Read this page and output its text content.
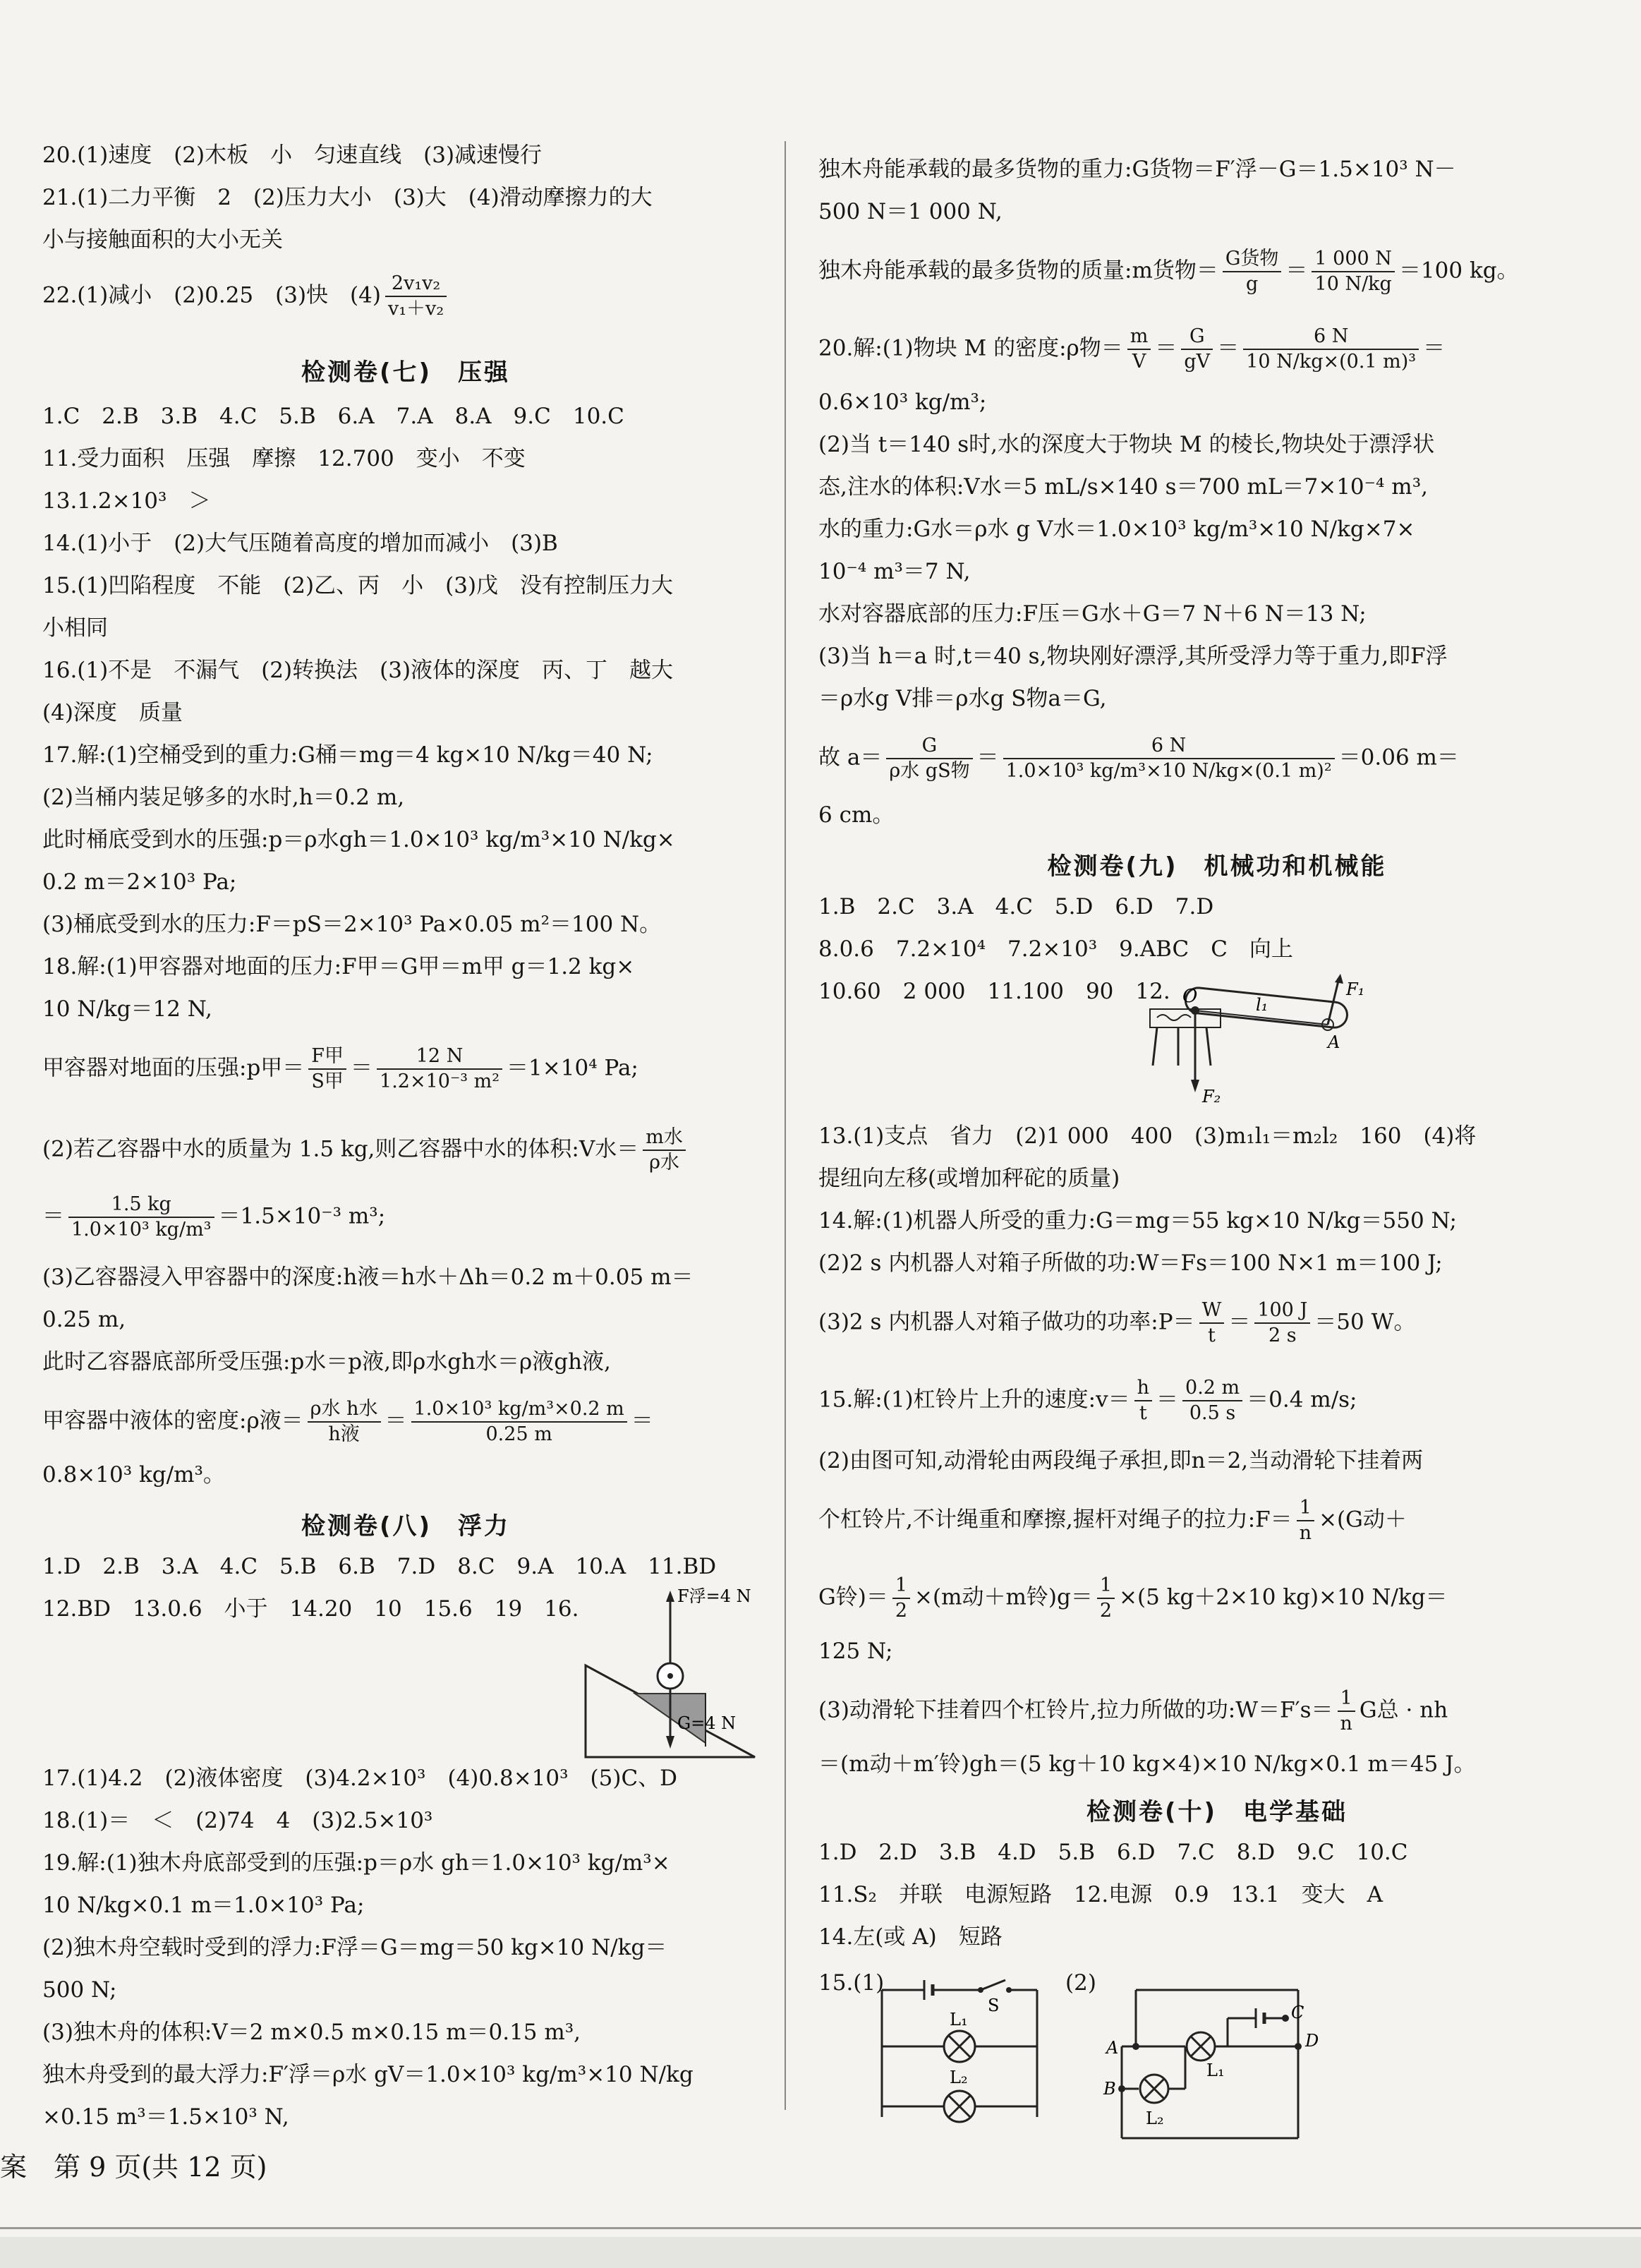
20.(1)速度　(2)木板　小　匀速直线　(3)减速慢行
21.(1)二力平衡　2　(2)压力大小　(3)大　(4)滑动摩擦力的大
小与接触面积的大小无关
22.(1)减小　(2)0.25　(3)快　$(4) \frac{\text{2v₁v₂}}{\text{v₁＋v₂}}$
检测卷(七)　压强
1.C　2.B　3.B　4.C　5.B　6.A　7.A　8.A　9.C　10.C
11.受力面积　压强　摩擦　12.700　变小　不变
13.1.2×10³　＞
14.(1)小于　(2)大气压随着高度的增加而减小　(3)B
15.(1)凹陷程度　不能　(2)乙、丙　小　(3)戊　没有控制压力大
小相同
16.(1)不是　不漏气　(2)转换法　(3)液体的深度　丙、丁　越大
(4)深度　质量
17.解:(1)空桶受到的重力:G桶＝mg＝4 kg×10 N/kg＝40 N;
(2)当桶内装足够多的水时,h＝0.2 m,
此时桶底受到水的压强:p＝ρ水gh＝1.0×10³ kg/m³×10 N/kg×
0.2 m＝2×10³ Pa;
(3)桶底受到水的压力:F＝pS＝2×10³ Pa×0.05 m²＝100 N。
18.解:(1)甲容器对地面的压力:F甲＝G甲＝m甲 g＝1.2 kg×
10 N/kg＝12 N,
甲容器对地面的压强:p甲＝ $\frac{\text{F甲}}{\text{S甲}} = \frac{12 N}{\text{1.2×10⁻³ m²}} =1\times 10^4$ Pa;
(2)若乙容器中水的质量为 1.5 kg,则乙容器中水的体积:V水＝ $\frac{\text{m水}}{\text{ρ水}}$
＝ $\frac{1.5 kg}{\text{1.0×10³ kg/m³}} =1.5\times 10^{-3}$ m³;
(3)乙容器浸入甲容器中的深度:h液＝h水＋Δh＝0.2 m＋0.05 m＝
0.25 m,
此时乙容器底部所受压强:p水＝p液,即ρ水gh水＝ρ液gh液,
甲容器中液体的密度:ρ液＝ $\frac{\text{ρ水 h水}}{\text{h液}} = \frac{\text{1.0×10³ kg/m³×0.2 m}}{0.25 m}$ ＝
0.8×10³ kg/m³。
检测卷(八)　浮力
1.D　2.B　3.A　4.C　5.B　6.B　7.D　8.C　9.A　10.A　11.BD
12.BD　13.0.6　小于　14.20　10　15.6　19　16.	F浮=4 N
G=4 N
17.(1)4.2　(2)液体密度　(3)4.2×10³　(4)0.8×10³　(5)C、D
18.(1)＝　＜　(2)74　4　(3)2.5×10³
19.解:(1)独木舟底部受到的压强:p＝ρ水 gh＝1.0×10³ kg/m³×
10 N/kg×0.1 m＝1.0×10³ Pa;
(2)独木舟空载时受到的浮力:F浮＝G＝mg＝50 kg×10 N/kg＝
500 N;
(3)独木舟的体积:V＝2 m×0.5 m×0.15 m＝0.15 m³,
独木舟受到的最大浮力:F′浮＝ρ水 gV＝1.0×10³ kg/m³×10 N/kg
×0.15 m³＝1.5×10³ N,
独木舟能承载的最多货物的重力:G货物＝F′浮－G＝1.5×10³ N－
500 N＝1 000 N,
独木舟能承载的最多货物的质量:m货物＝ $\frac{\text{G货物}}{g} = \frac{1 000 N}{10 N/kg} =100$ kg。
20.解:(1)物块 M 的密度:ρ物＝ $\frac{m}{V} = \frac{G}{gV} = \frac{6 N}{\text{10 N/kg×(0.1 m)³}}$ ＝
0.6×10³ kg/m³;
(2)当 t＝140 s时,水的深度大于物块 M 的棱长,物块处于漂浮状
态,注水的体积:V水＝5 mL/s×140 s＝700 mL＝7×10⁻⁴ m³,
水的重力:G水＝ρ水 g V水＝1.0×10³ kg/m³×10 N/kg×7×
10⁻⁴ m³＝7 N,
水对容器底部的压力:F压＝G水＋G＝7 N＋6 N＝13 N;
(3)当 h＝a 时,t＝40 s,物块刚好漂浮,其所受浮力等于重力,即F浮
＝ρ水g V排＝ρ水g S物a＝G,
故 $a= \frac{G}{\text{ρ水 gS物}} = \frac{6 N}{\text{1.0×10³ kg/m³×10 N/kg×(0.1 m)²}} =0.06$ m＝
6 cm。
检测卷(九)　机械功和机械能
1.B　2.C　3.A　4.C　5.D　6.D　7.D
8.0.6　7.2×10⁴　7.2×10³　9.ABC　C　向上
10.60　2 000　11.100　90　12. O	l₁
F₁
A
F₂
13.(1)支点　省力　(2)1 000　400　(3)m₁l₁＝m₂l₂　160　(4)将
提纽向左移(或增加秤砣的质量)
14.解:(1)机器人所受的重力:G＝mg＝55 kg×10 N/kg＝550 N;
(2)2 s 内机器人对箱子所做的功:W＝Fs＝100 N×1 m＝100 J;
(3)2 s 内机器人对箱子做功的功率:P＝ $\frac{W}{t} = \frac{100 J}{2 s} =50$ W。
15.解:(1)杠铃片上升的速度:v＝ $\frac{h}{t} = \frac{0.2 m}{0.5 s} =0.4$ m/s;
(2)由图可知,动滑轮由两段绳子承担,即n＝2,当动滑轮下挂着两
个杠铃片,不计绳重和摩擦,握杆对绳子的拉力:F＝ $\frac{1}{n} \times(G$动＋
G铃)＝ $\frac{1}{2} \times(m$动＋m铃)$g= \frac{1}{2} \times(5$ kg＋2×10 kg)×10 N/kg＝
125 N;
(3)动滑轮下挂着四个杠铃片,拉力所做的功:W＝F′s＝ $\frac{1}{n}$ G总 · nh
＝(m动＋m′铃)gh＝(5 kg＋10 kg×4)×10 N/kg×0.1 m＝45 J。
检测卷(十)　电学基础
1.D　2.D　3.B　4.D　5.B　6.D　7.C　8.D　9.C　10.C
11.S₂　并联　电源短路　12.电源　0.9　13.1　变大　A
14.左(或 A)　短路
15.(1)	(2)
S
L₁
L₂
A
B
C
D
L₁
L₂
案　第 9 页(共 12 页)
